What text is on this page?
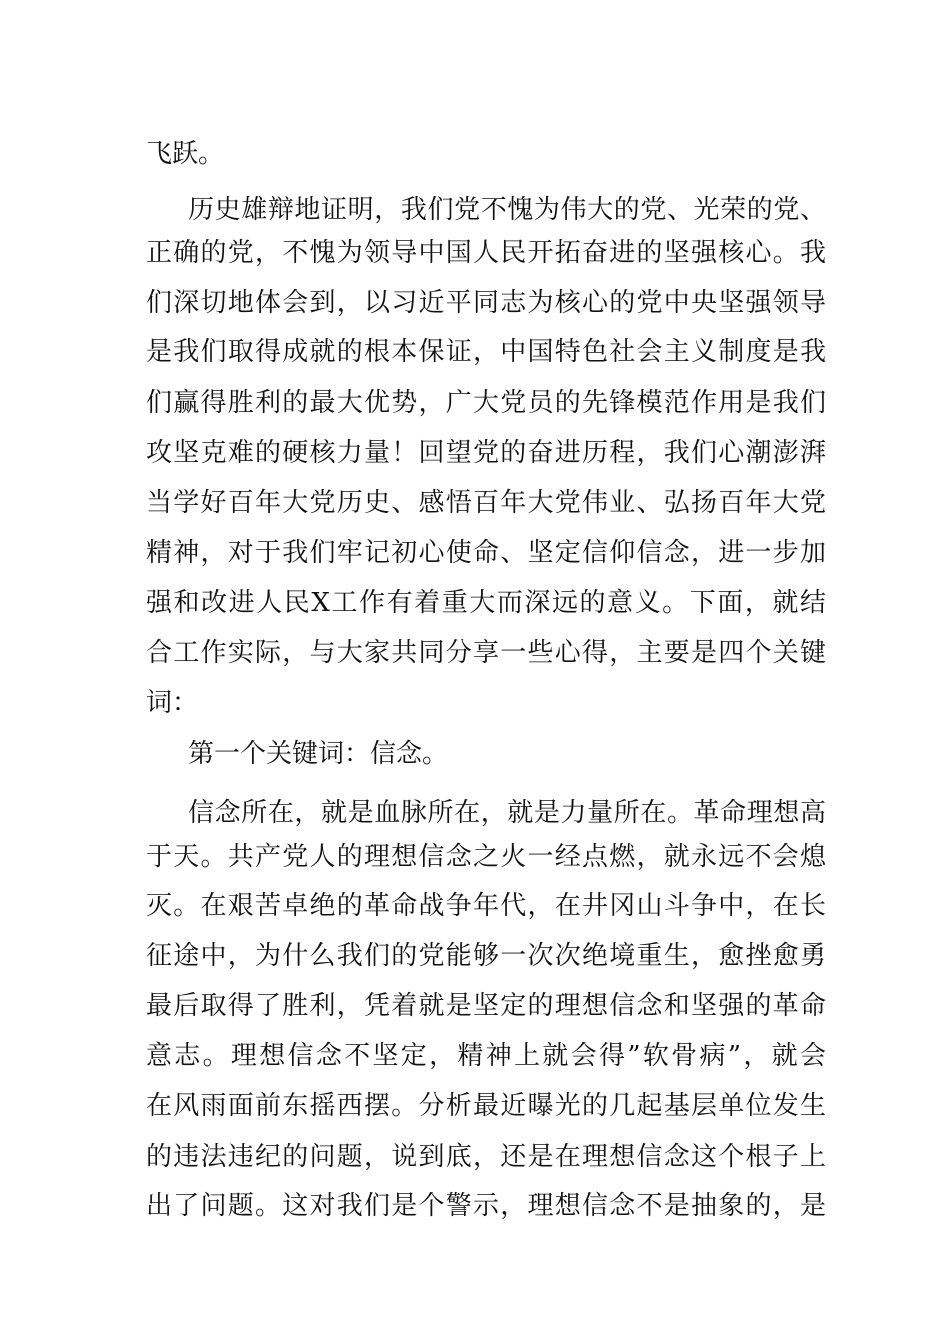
飞跃。
历史雄辩地证明，我们党不愧为伟大的党、光荣的党、
正确的党，不愧为领导中国人民开拓奋进的坚强核心。我
们深切地体会到，以习近平同志为核心的党中央坚强领导
是我们取得成就的根本保证，中国特色社会主义制度是我
们赢得胜利的最大优势，广大党员的先锋模范作用是我们
攻坚克难的硬核力量！回望党的奋进历程，我们心潮澎湃
当学好百年大党历史、感悟百年大党伟业、弘扬百年大党
精神，对于我们牢记初心使命、坚定信仰信念，进一步加
强和改进人民X工作有着重大而深远的意义。下面，就结
合工作实际，与大家共同分享一些心得，主要是四个关键
词：
第一个关键词：信念。
信念所在，就是血脉所在，就是力量所在。革命理想高
于天。共产党人的理想信念之火一经点燃，就永远不会熄
灭。在艰苦卓绝的革命战争年代，在井冈山斗争中，在长
征途中，为什么我们的党能够一次次绝境重生，愈挫愈勇
最后取得了胜利，凭着就是坚定的理想信念和坚强的革命
意志。理想信念不坚定，精神上就会得”软骨病”，就会
在风雨面前东摇西摆。分析最近曝光的几起基层单位发生
的违法违纪的问题，说到底，还是在理想信念这个根子上
出了问题。这对我们是个警示，理想信念不是抽象的，是
